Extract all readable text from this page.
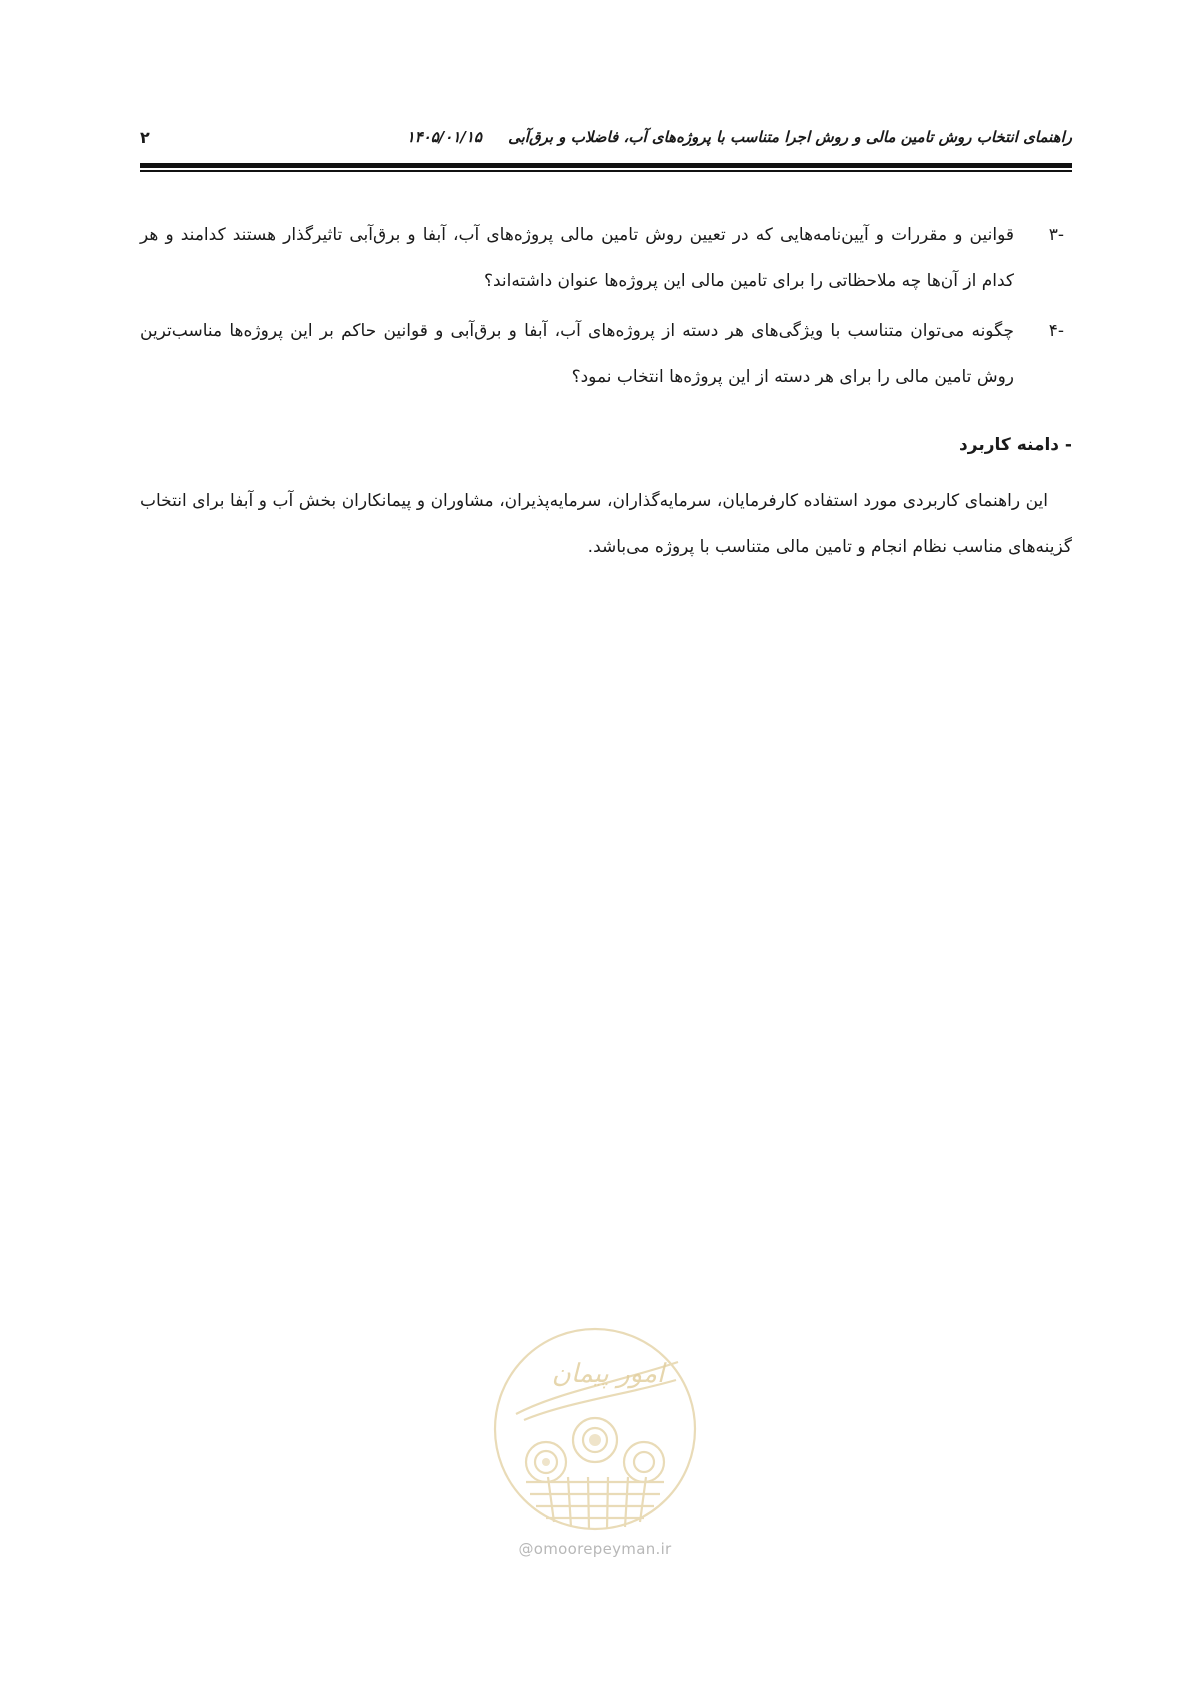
راهنمای انتخاب روش تامین مالی و روش اجرا متناسب با پروژه‌های آب، فاضلاب و برق‌آبی     ۱۴۰۵/۰۱/۱۵
۲
-۳
قوانین و مقررات و آیین‌نامه‌هایی که در تعیین روش تامین مالی پروژه‌های آب، آبفا و برق‌آبی تاثیرگذار هستند کدامند و هر کدام از آن‌ها چه ملاحظاتی را برای تامین مالی این پروژه‌ها عنوان داشته‌اند؟
-۴
چگونه می‌توان متناسب با ویژگی‌های هر دسته از پروژه‌های آب، آبفا و برق‌آبی و قوانین حاکم بر این پروژه‌ها مناسب‌ترین روش تامین مالی را برای هر دسته از این پروژه‌ها انتخاب نمود؟
- دامنه کاربرد
این راهنمای کاربردی مورد استفاده کارفرمایان، سرمایه‌گذاران، سرمایه‌پذیران، مشاوران و پیمانکاران بخش آب و آبفا برای انتخاب گزینه‌های مناسب نظام انجام و تامین مالی متناسب با پروژه می‌باشد.
امور پیمان
@omoorepeyman.ir
